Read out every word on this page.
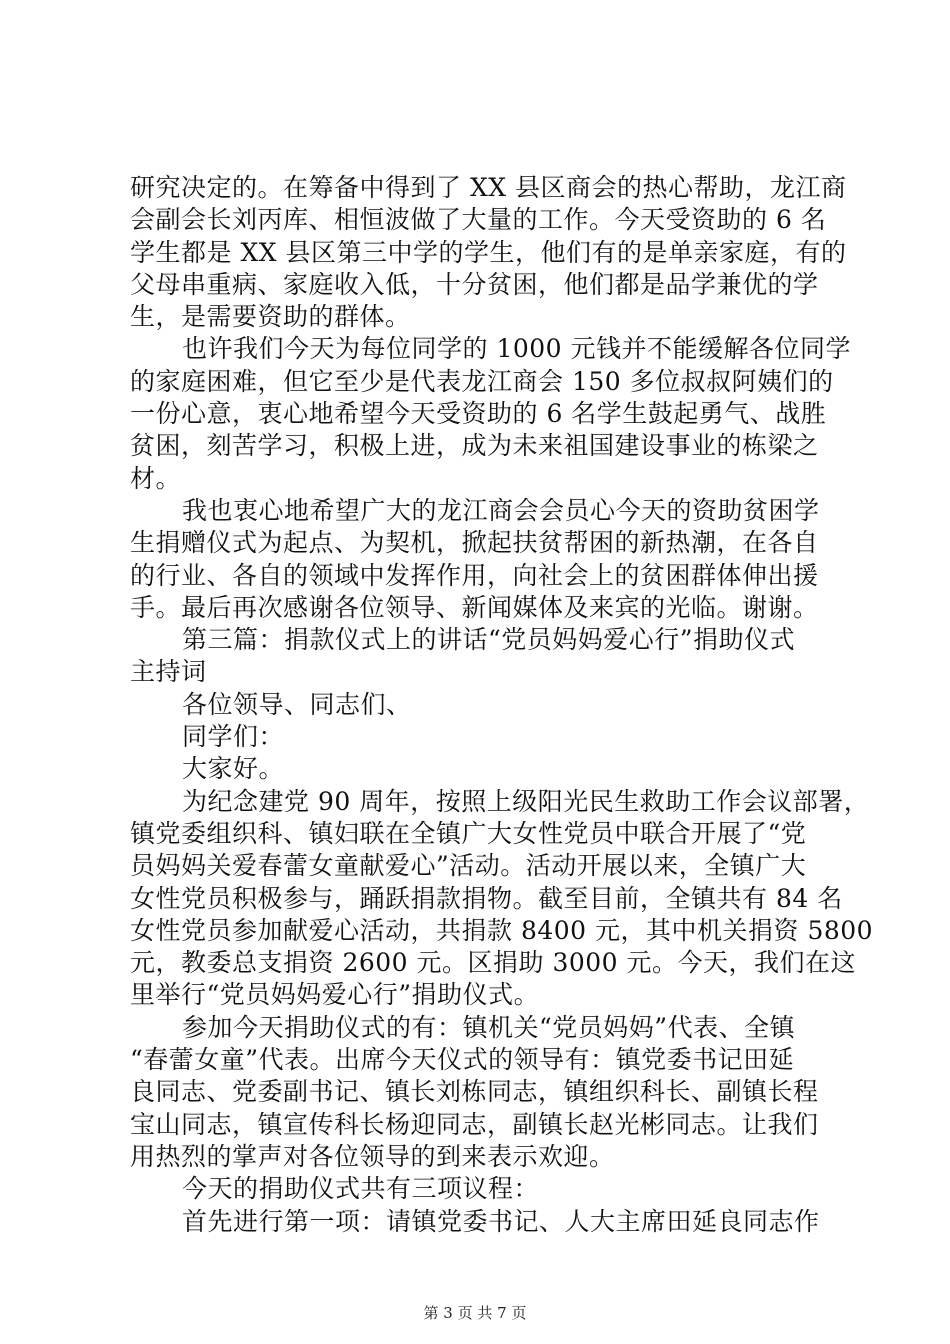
研究决定的。在筹备中得到了 XX 县区商会的热心帮助，龙江商
会副会长刘丙库、相恒波做了大量的工作。今天受资助的 6 名
学生都是 XX 县区第三中学的学生，他们有的是单亲家庭，有的
父母串重病、家庭收入低，十分贫困，他们都是品学兼优的学
生，是需要资助的群体。
也许我们今天为每位同学的 1000 元钱并不能缓解各位同学
的家庭困难，但它至少是代表龙江商会 150 多位叔叔阿姨们的
一份心意，衷心地希望今天受资助的 6 名学生鼓起勇气、战胜
贫困，刻苦学习，积极上进，成为未来祖国建设事业的栋梁之
材。
我也衷心地希望广大的龙江商会会员心今天的资助贫困学
生捐赠仪式为起点、为契机，掀起扶贫帮困的新热潮，在各自
的行业、各自的领域中发挥作用，向社会上的贫困群体伸出援
手。最后再次感谢各位领导、新闻媒体及来宾的光临。谢谢。
第三篇：捐款仪式上的讲话“党员妈妈爱心行”捐助仪式
主持词
各位领导、同志们、
同学们：
大家好。
为纪念建党 90 周年，按照上级阳光民生救助工作会议部署，
镇党委组织科、镇妇联在全镇广大女性党员中联合开展了“党
员妈妈关爱春蕾女童献爱心”活动。活动开展以来，全镇广大
女性党员积极参与，踊跃捐款捐物。截至目前，全镇共有 84 名
女性党员参加献爱心活动，共捐款 8400 元，其中机关捐资 5800
元，教委总支捐资 2600 元。区捐助 3000 元。今天，我们在这
里举行“党员妈妈爱心行”捐助仪式。
参加今天捐助仪式的有：镇机关“党员妈妈”代表、全镇
“春蕾女童”代表。出席今天仪式的领导有：镇党委书记田延
良同志、党委副书记、镇长刘栋同志，镇组织科长、副镇长程
宝山同志，镇宣传科长杨迎同志，副镇长赵光彬同志。让我们
用热烈的掌声对各位领导的到来表示欢迎。
今天的捐助仪式共有三项议程：
首先进行第一项：请镇党委书记、人大主席田延良同志作
第 3 页 共 7 页
